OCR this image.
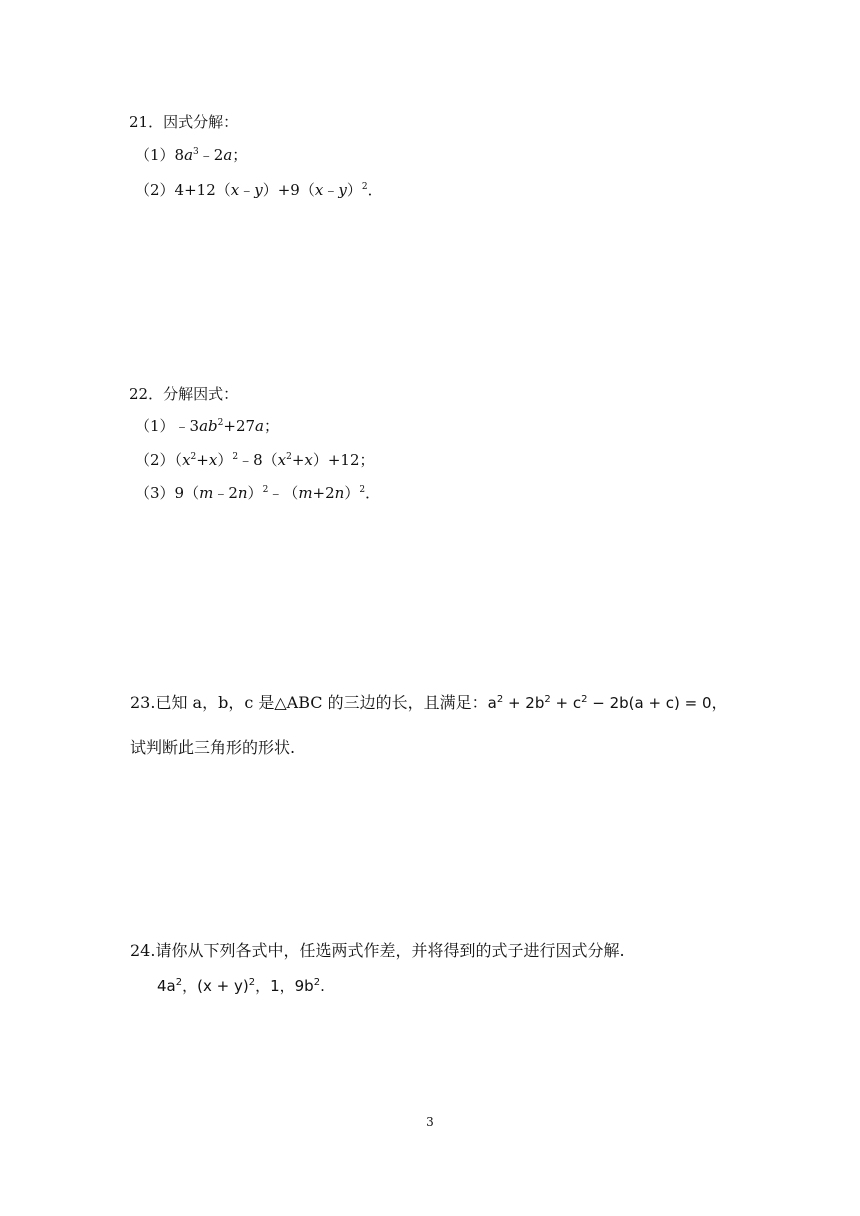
21．因式分解：
$(1)8a^3﹣2a$；
（2）4+12（x﹣y）+9（x﹣y）$^2$．
22．分解因式：
$(1)﹣3ab^2+27a$；
$(2)(x^2+x)^2﹣8(x^2+x)+12$；
$(3)9(m﹣2n)^2﹣(m+2n)^2$．
23.已知 a，b，c 是△ABC 的三边的长，且满足：$a^2 + 2b^2 + c^2 - 2b(a + c) = 0$，
试判断此三角形的形状.
24.请你从下列各式中，任选两式作差，并将得到的式子进行因式分解.
$4a^2$，$(x + y)^2$，1，$9b^2$.
3
